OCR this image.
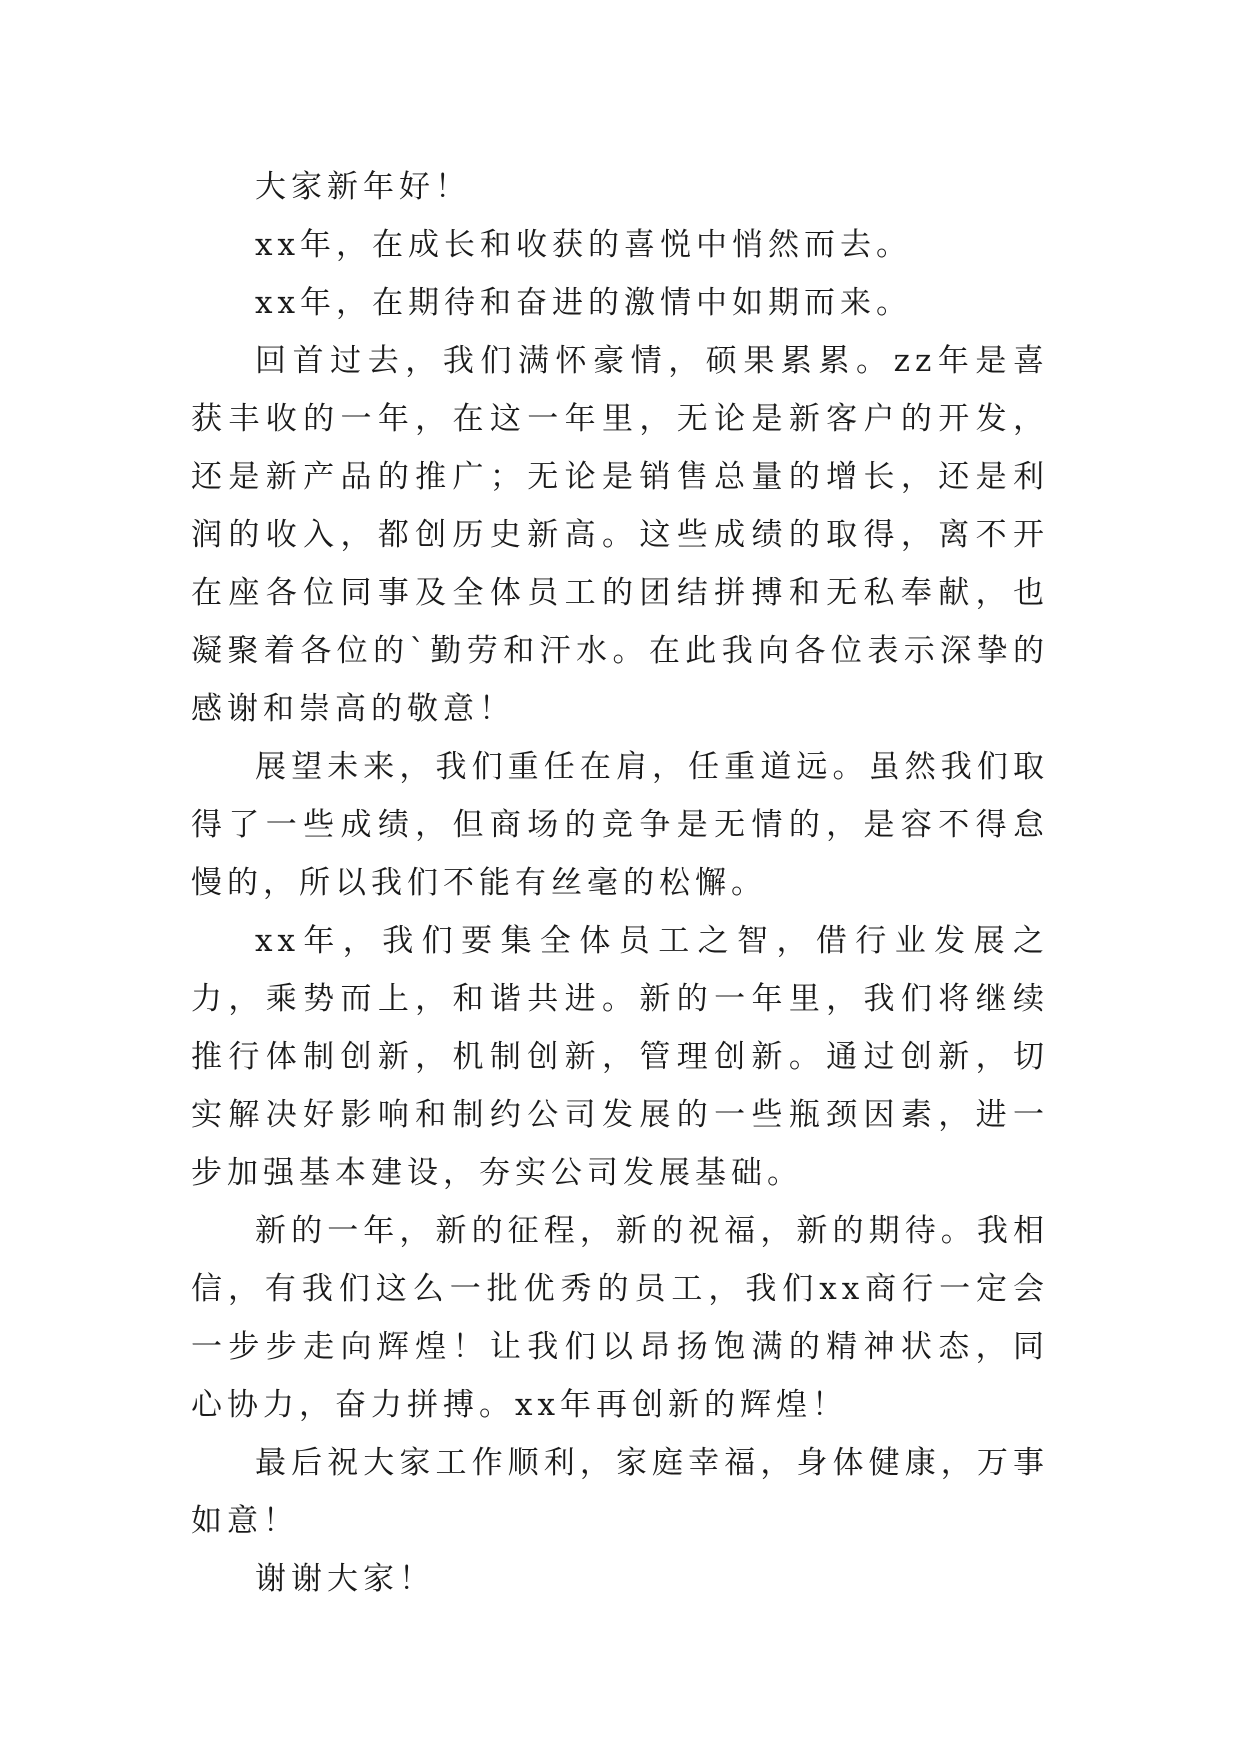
大家新年好！

xx年，在成长和收获的喜悦中悄然而去。

xx年，在期待和奋进的激情中如期而来。

回首过去，我们满怀豪情，硕果累累。zz年是喜获丰收的一年，在这一年里，无论是新客户的开发，还是新产品的推广；无论是销售总量的增长，还是利润的收入，都创历史新高。这些成绩的取得，离不开在座各位同事及全体员工的团结拼搏和无私奉献，也凝聚着各位的`勤劳和汗水。在此我向各位表示深挚的感谢和崇高的敬意！

展望未来，我们重任在肩，任重道远。虽然我们取得了一些成绩，但商场的竞争是无情的，是容不得怠慢的，所以我们不能有丝毫的松懈。

xx年，我们要集全体员工之智，借行业发展之力，乘势而上，和谐共进。新的一年里，我们将继续推行体制创新，机制创新，管理创新。通过创新，切实解决好影响和制约公司发展的一些瓶颈因素，进一步加强基本建设，夯实公司发展基础。

新的一年，新的征程，新的祝福，新的期待。我相信，有我们这么一批优秀的员工，我们xx商行一定会一步步走向辉煌！让我们以昂扬饱满的精神状态，同心协力，奋力拼搏。xx年再创新的辉煌！

最后祝大家工作顺利，家庭幸福，身体健康，万事如意！

谢谢大家！
